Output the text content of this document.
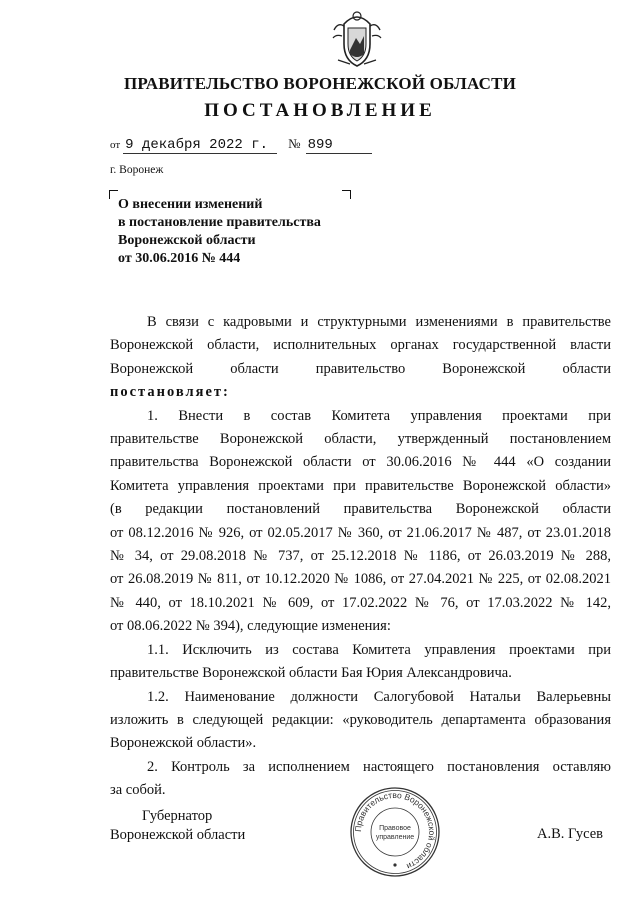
ПРАВИТЕЛЬСТВО ВОРОНЕЖСКОЙ ОБЛАСТИ
ПОСТАНОВЛЕНИЕ
от 9 декабря 2022 г. № 899
г. Воронеж
О внесении изменений
в постановление правительства
Воронежской области
от 30.06.2016 № 444

В связи с кадровыми и структурными изменениями в правительстве

Воронежской области, исполнительных органах государственной власти

Воронежской области правительство Воронежской области

постановляет:

1. Внести в состав Комитета управления проектами при

правительстве Воронежской области, утвержденный постановлением

правительства Воронежской области от 30.06.2016 № 444 «О создании

Комитета управления проектами при правительстве Воронежской области»

(в редакции постановлений правительства Воронежской области

от 08.12.2016 № 926, от 02.05.2017 № 360, от 21.06.2017 № 487, от 23.01.2018

№ 34, от 29.08.2018 № 737, от 25.12.2018 № 1186, от 26.03.2019 № 288,

от 26.08.2019 № 811, от 10.12.2020 № 1086, от 27.04.2021 № 225, от 02.08.2021

№ 440, от 18.10.2021 № 609, от 17.02.2022 № 76, от 17.03.2022 № 142,

от 08.06.2022 № 394), следующие изменения:

1.1. Исключить из состава Комитета управления проектами при

правительстве Воронежской области Бая Юрия Александровича.

1.2. Наименование должности Салогубовой Натальи Валерьевны

изложить в следующей редакции: «руководитель департамента образования

Воронежской области».

2. Контроль за исполнением настоящего постановления оставляю

за собой.

Губернатор
Воронежской области	Правительство Воронежской области
Правовое
управление	А.В. Гусев
